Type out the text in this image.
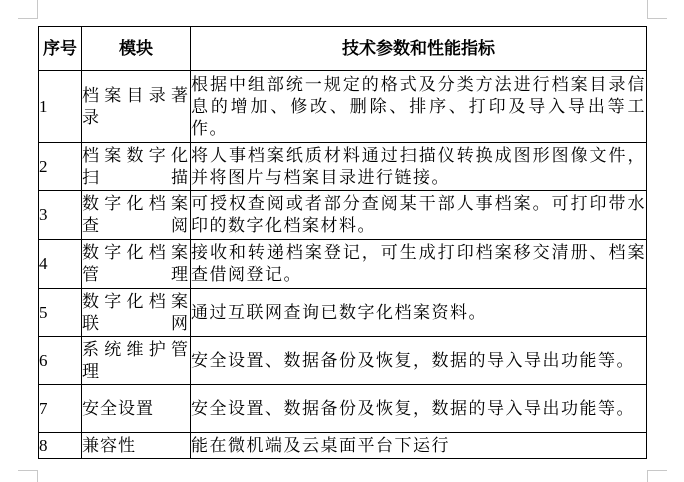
序号	模块	技术参数和性能指标
1	档案目录著录	根据中组部统一规定的格式及分类方法进行档案目录信息的增加、修改、删除、排序、打印及导入导出等工作。
2	档案数字化扫描	将人事档案纸质材料通过扫描仪转换成图形图像文件，并将图片与档案目录进行链接。
3	数字化档案查阅	可授权查阅或者部分查阅某干部人事档案。可打印带水印的数字化档案材料。
4	数字化档案管理	接收和转递档案登记，可生成打印档案移交清册、档案查借阅登记。
5	数字化档案联网	通过互联网查询已数字化档案资料。
6	系统维护管理	安全设置、数据备份及恢复，数据的导入导出功能等。
7	安全设置	安全设置、数据备份及恢复，数据的导入导出功能等。
8	兼容性	能在微机端及云桌面平台下运行
